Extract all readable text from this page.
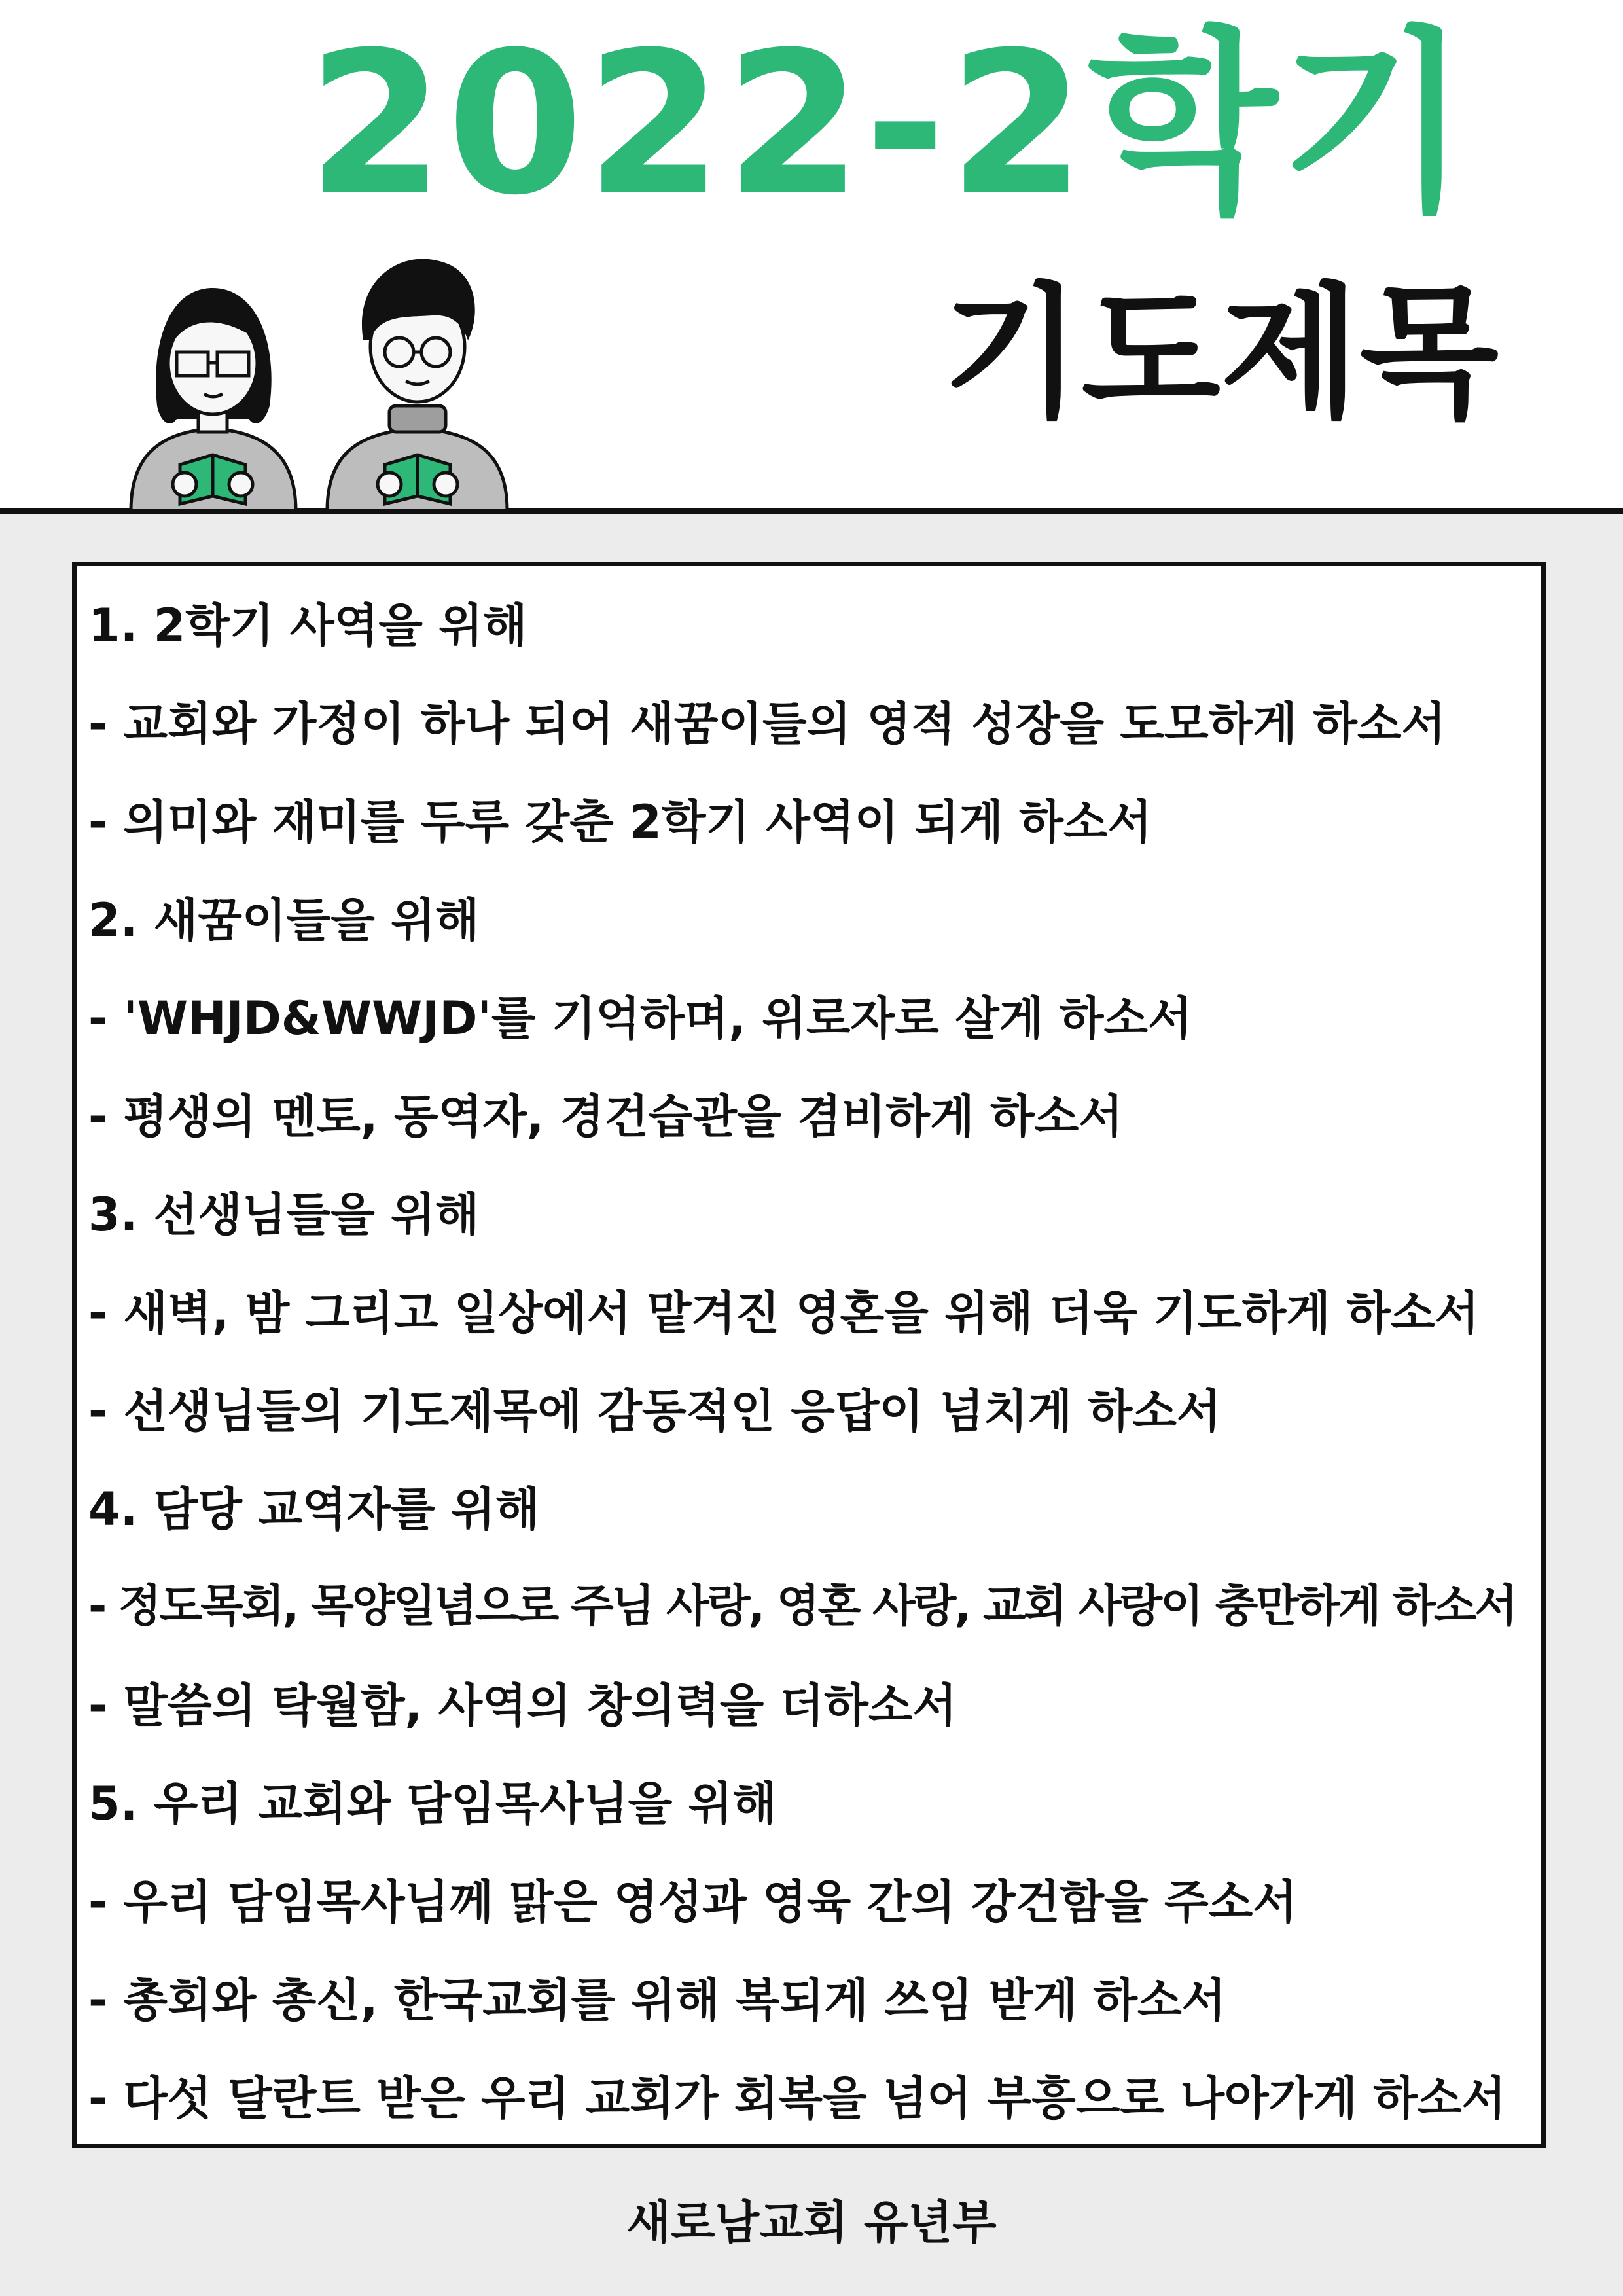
2022-2학기
기도제목
1. 2학기 사역을 위해
- 교회와 가정이 하나 되어 새꿈이들의 영적 성장을 도모하게 하소서
- 의미와 재미를 두루 갖춘 2학기 사역이 되게 하소서
2. 새꿈이들을 위해
- 'WHJD&WWJD'를 기억하며, 위로자로 살게 하소서
- 평생의 멘토, 동역자, 경건습관을 겸비하게 하소서
3. 선생님들을 위해
- 새벽, 밤 그리고 일상에서 맡겨진 영혼을 위해 더욱 기도하게 하소서
- 선생님들의 기도제목에 감동적인 응답이 넘치게 하소서
4. 담당 교역자를 위해
- 정도목회, 목양일념으로 주님 사랑, 영혼 사랑, 교회 사랑이 충만하게 하소서
- 말씀의 탁월함, 사역의 창의력을 더하소서
5. 우리 교회와 담임목사님을 위해
- 우리 담임목사님께 맑은 영성과 영육 간의 강건함을 주소서
- 총회와 총신, 한국교회를 위해 복되게 쓰임 받게 하소서
- 다섯 달란트 받은 우리 교회가 회복을 넘어 부흥으로 나아가게 하소서
새로남교회 유년부
